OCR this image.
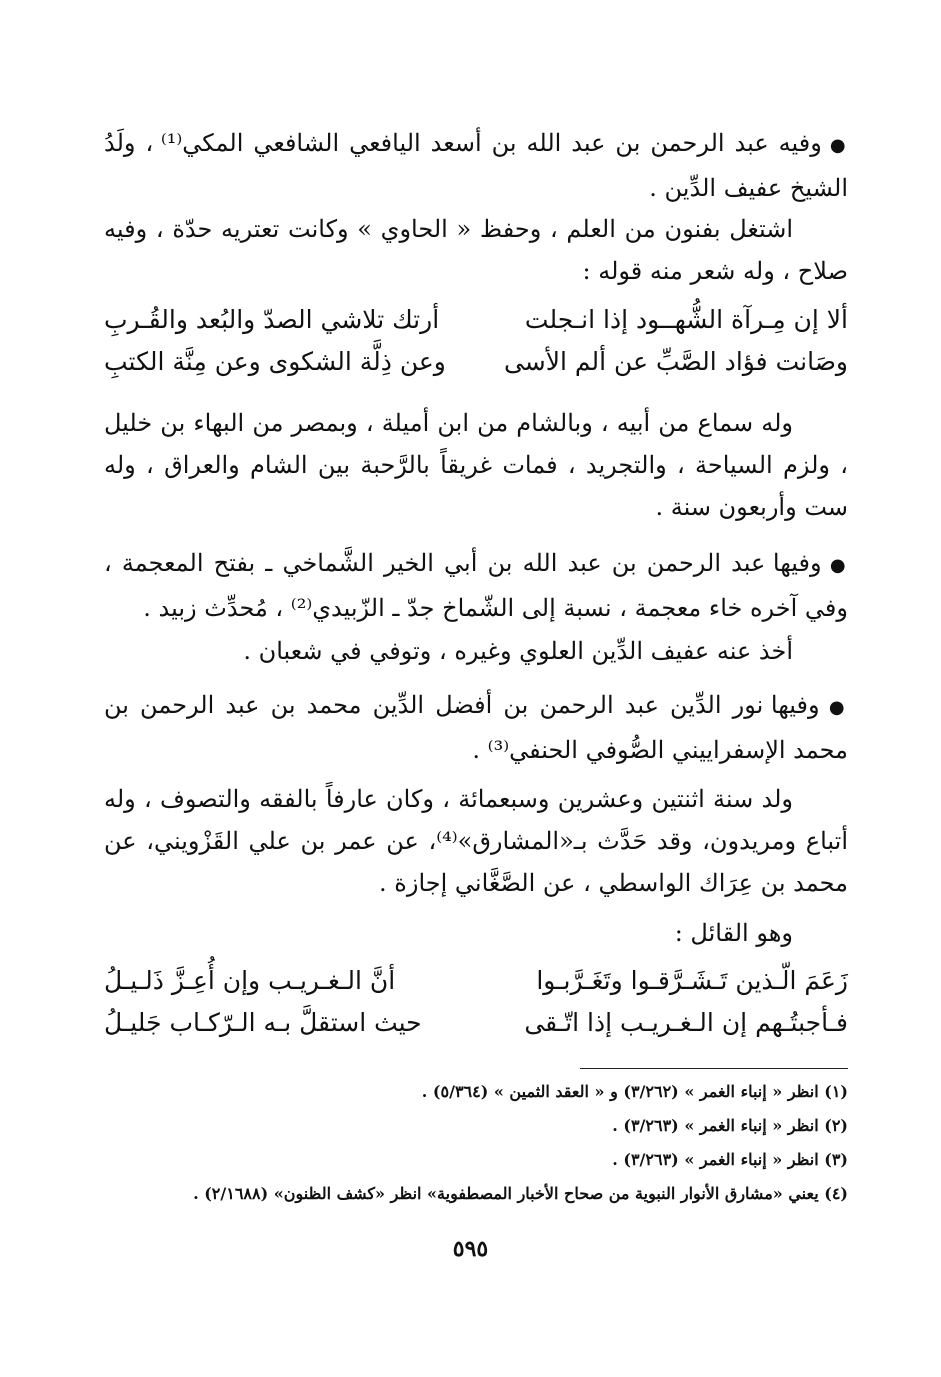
● وفيه عبد الرحمن بن عبد الله بن أسعد اليافعي الشافعي المكي⁽¹⁾ ، ولَدُ الشيخ عفيف الدِّين .

اشتغل بفنون من العلم ، وحفظ « الحاوي » وكانت تعتريه حدّة ، وفيه صلاح ، وله شعر منه قوله :

ألا إن مِـرآة الشُّهــود إذا انـجلت
أرتك تلاشي الصدّ والبُعد والقُـربِ
وصَانت فؤاد الصَّبِّ عن ألم الأسى
وعن ذِلَّة الشكوى وعن مِنَّة الكتبِ

وله سماع من أبيه ، وبالشام من ابن أميلة ، وبمصر من البهاء بن خليل ، ولزم السياحة ، والتجريد ، فمات غريقاً بالرَّحبة بين الشام والعراق ، وله ست وأربعون سنة .

● وفيها عبد الرحمن بن عبد الله بن أبي الخير الشَّماخي ـ بفتح المعجمة ، وفي آخره خاء معجمة ، نسبة إلى الشّماخ جدّ ـ الزّبيدي⁽²⁾ ، مُحدِّث زبيد .

أخذ عنه عفيف الدِّين العلوي وغيره ، وتوفي في شعبان .

● وفيها نور الدِّين عبد الرحمن بن أفضل الدِّين محمد بن عبد الرحمن بن محمد الإسفراييني الصُّوفي الحنفي⁽³⁾ .

ولد سنة اثنتين وعشرين وسبعمائة ، وكان عارفاً بالفقه والتصوف ، وله أتباع ومريدون، وقد حَدَّث بـ«المشارق»⁽⁴⁾، عن عمر بن علي القَزْويني، عن محمد بن عِرَاك الواسطي ، عن الصَّغَّاني إجازة .

وهو القائل :

زَعَمَ الّـذين تَـشَـرَّقـوا وتَغَـرَّبـوا
أنَّ الـغـريـب وإن أُعِـزَّ ذَلـيـلُ
فـأجبتُـهم إن الـغـريـب إذا اتّـقى
حيث استقلَّ بـه الـرّكـاب جَليـلُ

(١) انظر « إنباء الغمر » (٣/٢٦٢) و « العقد الثمين » (٥/٣٦٤) .

(٢) انظر « إنباء الغمر » (٣/٢٦٣) .

(٣) انظر « إنباء الغمر » (٣/٢٦٣) .

(٤) يعني «مشارق الأنوار النبوية من صحاح الأخبار المصطفوية» انظر «كشف الظنون» (٢/١٦٨٨) .

٥٩٥
